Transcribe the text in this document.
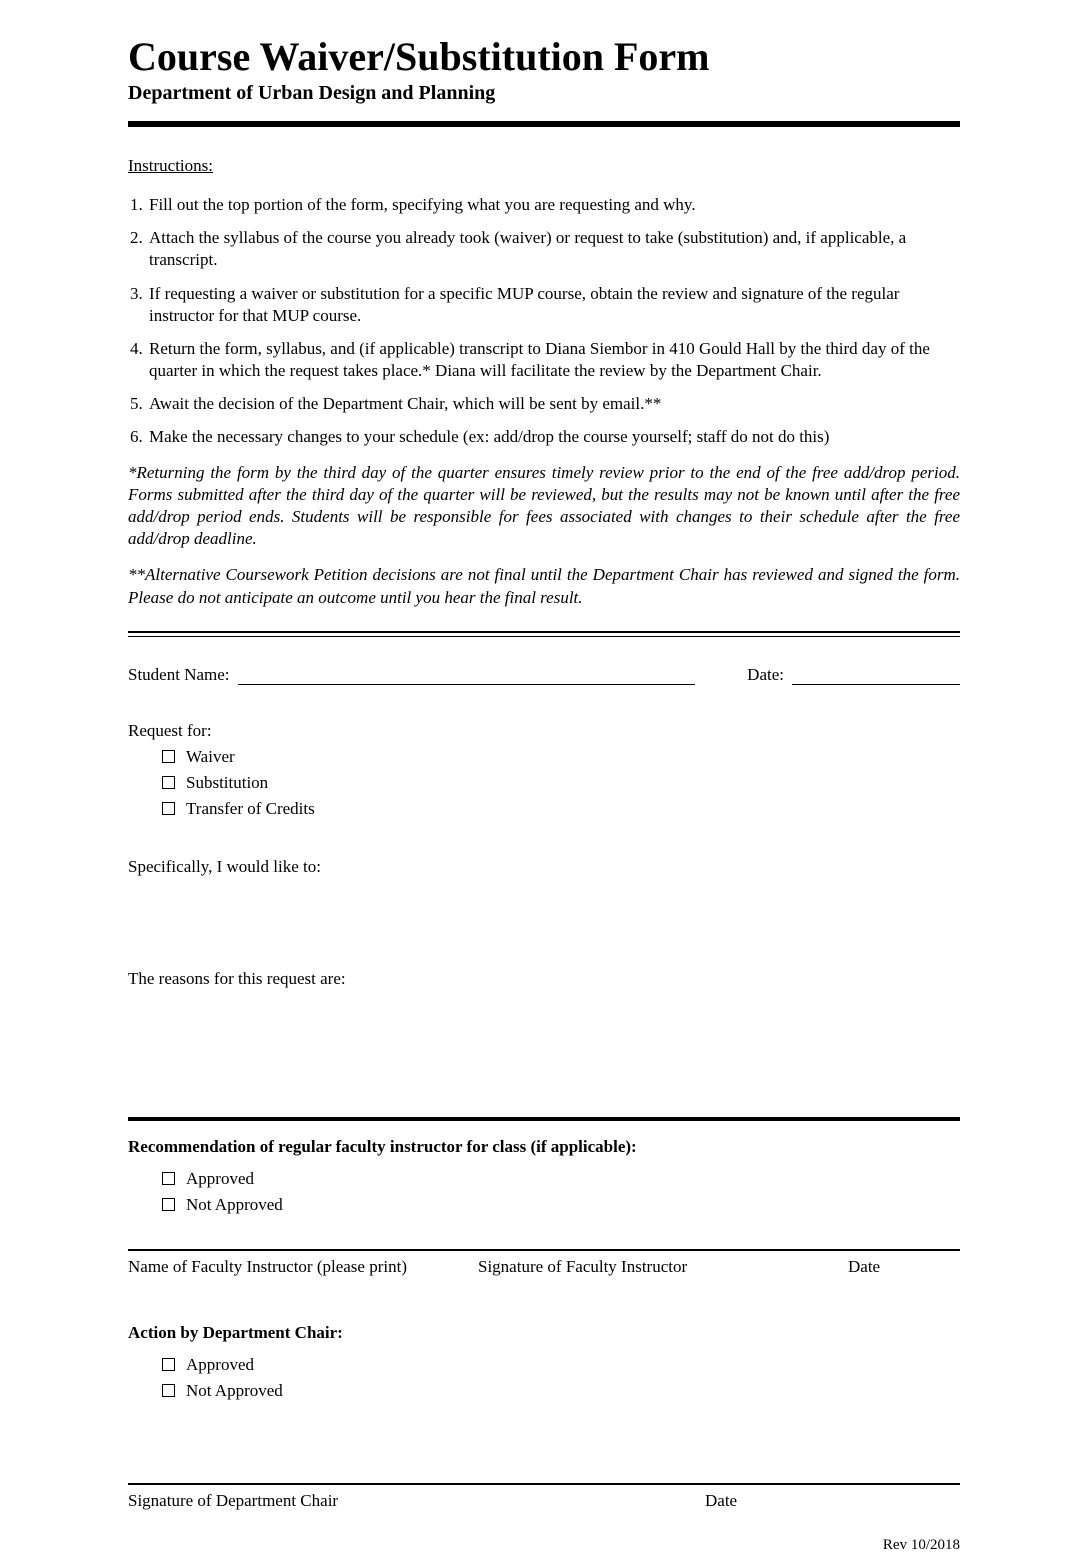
Course Waiver/Substitution Form
Department of Urban Design and Planning
Instructions:
1. Fill out the top portion of the form, specifying what you are requesting and why.
2. Attach the syllabus of the course you already took (waiver) or request to take (substitution) and, if applicable, a transcript.
3. If requesting a waiver or substitution for a specific MUP course, obtain the review and signature of the regular instructor for that MUP course.
4. Return the form, syllabus, and (if applicable) transcript to Diana Siembor in 410 Gould Hall by the third day of the quarter in which the request takes place.* Diana will facilitate the review by the Department Chair.
5. Await the decision of the Department Chair, which will be sent by email.**
6. Make the necessary changes to your schedule (ex: add/drop the course yourself; staff do not do this)
*Returning the form by the third day of the quarter ensures timely review prior to the end of the free add/drop period. Forms submitted after the third day of the quarter will be reviewed, but the results may not be known until after the free add/drop period ends. Students will be responsible for fees associated with changes to their schedule after the free add/drop deadline.
**Alternative Coursework Petition decisions are not final until the Department Chair has reviewed and signed the form. Please do not anticipate an outcome until you hear the final result.
Student Name:	Date:
Request for:
Waiver
Substitution
Transfer of Credits
Specifically, I would like to:
The reasons for this request are:
Recommendation of regular faculty instructor for class (if applicable):
Approved
Not Approved
Name of Faculty Instructor (please print)	Signature of Faculty Instructor	Date
Action by Department Chair:
Approved
Not Approved
Signature of Department Chair	Date
Rev 10/2018
